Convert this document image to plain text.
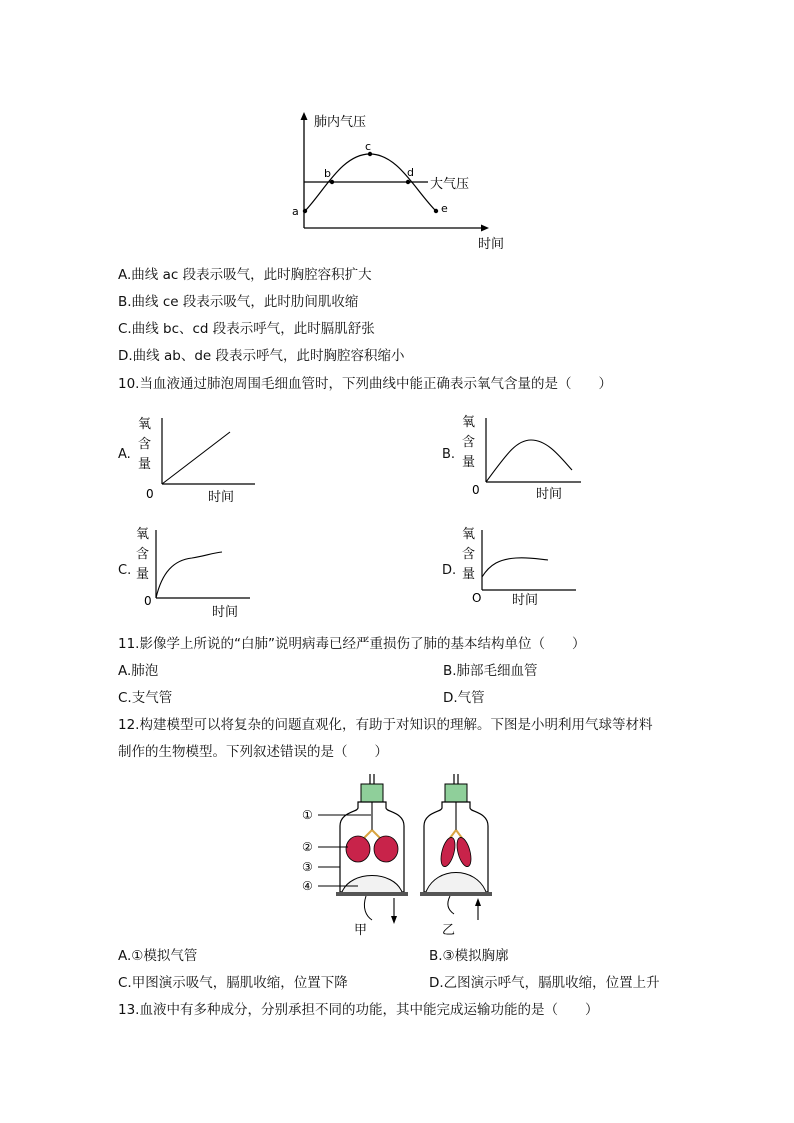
肺内气压
大气压
时间
a
b
c
d
e
A.曲线 ac 段表示吸气，此时胸腔容积扩大
B.曲线 ce 段表示吸气，此时肋间肌收缩
C.曲线 bc、cd 段表示呼气，此时膈肌舒张
D.曲线 ab、de 段表示呼气，此时胸腔容积缩小
10.当血液通过肺泡周围毛细血管时，下列曲线中能正确表示氧气含量的是（　　）
A.
0	时间
氧
含
量
B.
0	时间
氧
含
量
C.
0
时间
氧
含
量	D.
O 时间
氧
含
量
11.影像学上所说的“白肺”说明病毒已经严重损伤了肺的基本结构单位（　　）
A.肺泡	B.肺部毛细血管
C.支气管	D.气管
12.构建模型可以将复杂的问题直观化，有助于对知识的理解。下图是小明利用气球等材料
制作的生物模型。下列叙述错误的是（　　）
①
②
③
④
甲	乙
A.①模拟气管	B.③模拟胸廓
C.甲图演示吸气，膈肌收缩，位置下降	D.乙图演示呼气，膈肌收缩，位置上升
13.血液中有多种成分，分别承担不同的功能，其中能完成运输功能的是（　　）
